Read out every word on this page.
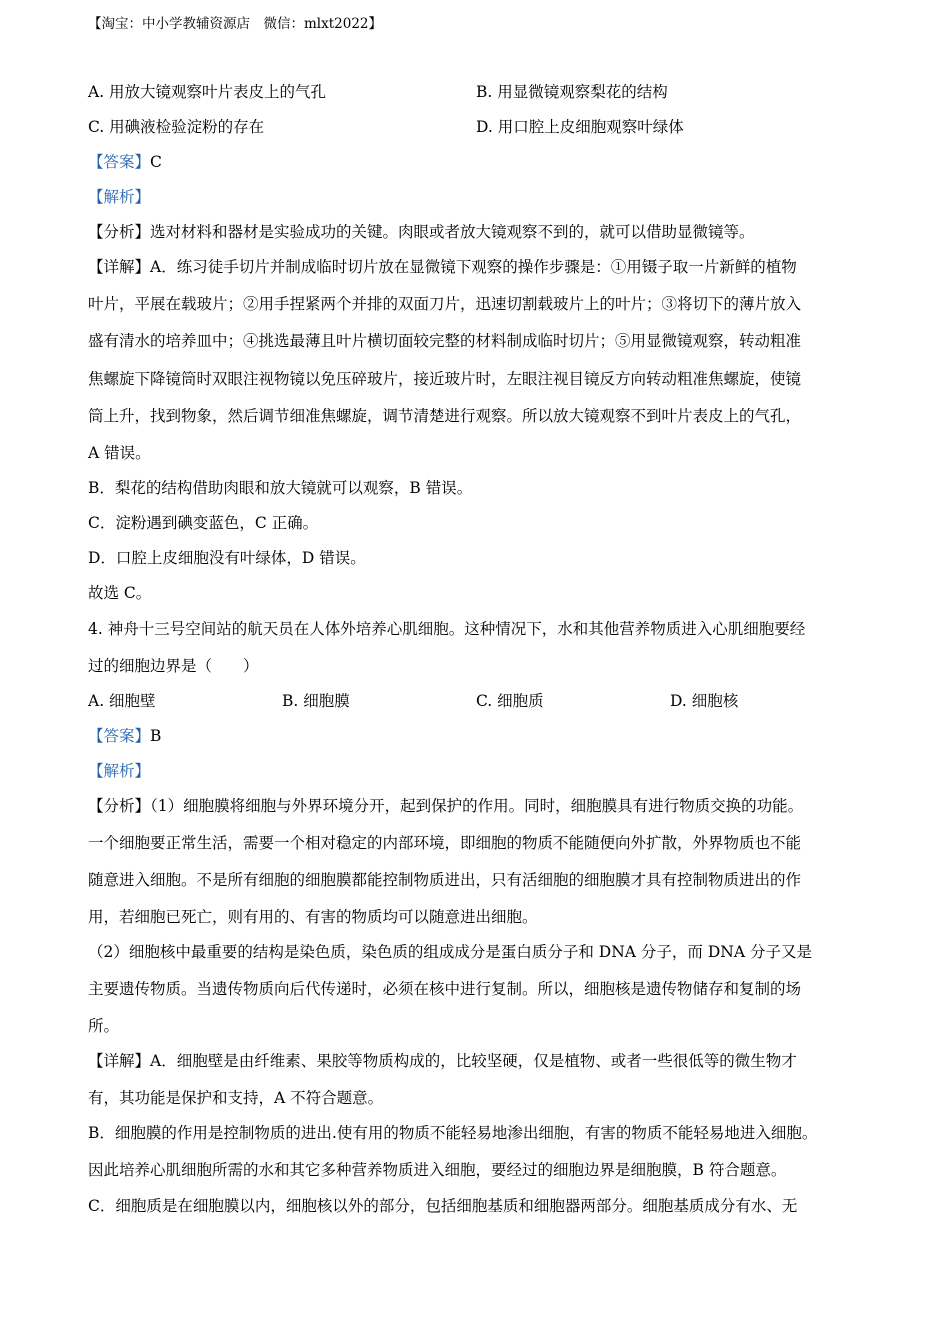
【淘宝：中小学教辅资源店　微信：mlxt2022】
A. 用放大镜观察叶片表皮上的气孔	B. 用显微镜观察梨花的结构
C. 用碘液检验淀粉的存在	D. 用口腔上皮细胞观察叶绿体
【答案】C
【解析】
【分析】选对材料和器材是实验成功的关键。肉眼或者放大镜观察不到的，就可以借助显微镜等。
【详解】A．练习徒手切片并制成临时切片放在显微镜下观察的操作步骤是：①用镊子取一片新鲜的植物
叶片，平展在载玻片；②用手捏紧两个并排的双面刀片，迅速切割载玻片上的叶片；③将切下的薄片放入
盛有清水的培养皿中；④挑选最薄且叶片横切面较完整的材料制成临时切片；⑤用显微镜观察，转动粗准
焦螺旋下降镜筒时双眼注视物镜以免压碎玻片，接近玻片时，左眼注视目镜反方向转动粗准焦螺旋，使镜
筒上升，找到物象，然后调节细准焦螺旋，调节清楚进行观察。所以放大镜观察不到叶片表皮上的气孔，
A 错误。
B．梨花的结构借助肉眼和放大镜就可以观察，B 错误。
C．淀粉遇到碘变蓝色，C 正确。
D．口腔上皮细胞没有叶绿体，D 错误。
故选 C。
4. 神舟十三号空间站的航天员在人体外培养心肌细胞。这种情况下，水和其他营养物质进入心肌细胞要经
过的细胞边界是（　　）
A. 细胞壁	B. 细胞膜	C. 细胞质	D. 细胞核
【答案】B
【解析】
【分析】（1）细胞膜将细胞与外界环境分开，起到保护的作用。同时，细胞膜具有进行物质交换的功能。
一个细胞要正常生活，需要一个相对稳定的内部环境，即细胞的物质不能随便向外扩散，外界物质也不能
随意进入细胞。不是所有细胞的细胞膜都能控制物质进出，只有活细胞的细胞膜才具有控制物质进出的作
用，若细胞已死亡，则有用的、有害的物质均可以随意进出细胞。
（2）细胞核中最重要的结构是染色质，染色质的组成成分是蛋白质分子和 DNA 分子，而 DNA 分子又是
主要遗传物质。当遗传物质向后代传递时，必须在核中进行复制。所以，细胞核是遗传物储存和复制的场
所。
【详解】A．细胞壁是由纤维素、果胶等物质构成的，比较坚硬，仅是植物、或者一些很低等的微生物才
有，其功能是保护和支持，A 不符合题意。
B．细胞膜的作用是控制物质的进出.使有用的物质不能轻易地渗出细胞，有害的物质不能轻易地进入细胞。
因此培养心肌细胞所需的水和其它多种营养物质进入细胞，要经过的细胞边界是细胞膜，B 符合题意。
C．细胞质是在细胞膜以内，细胞核以外的部分，包括细胞基质和细胞器两部分。细胞基质成分有水、无
